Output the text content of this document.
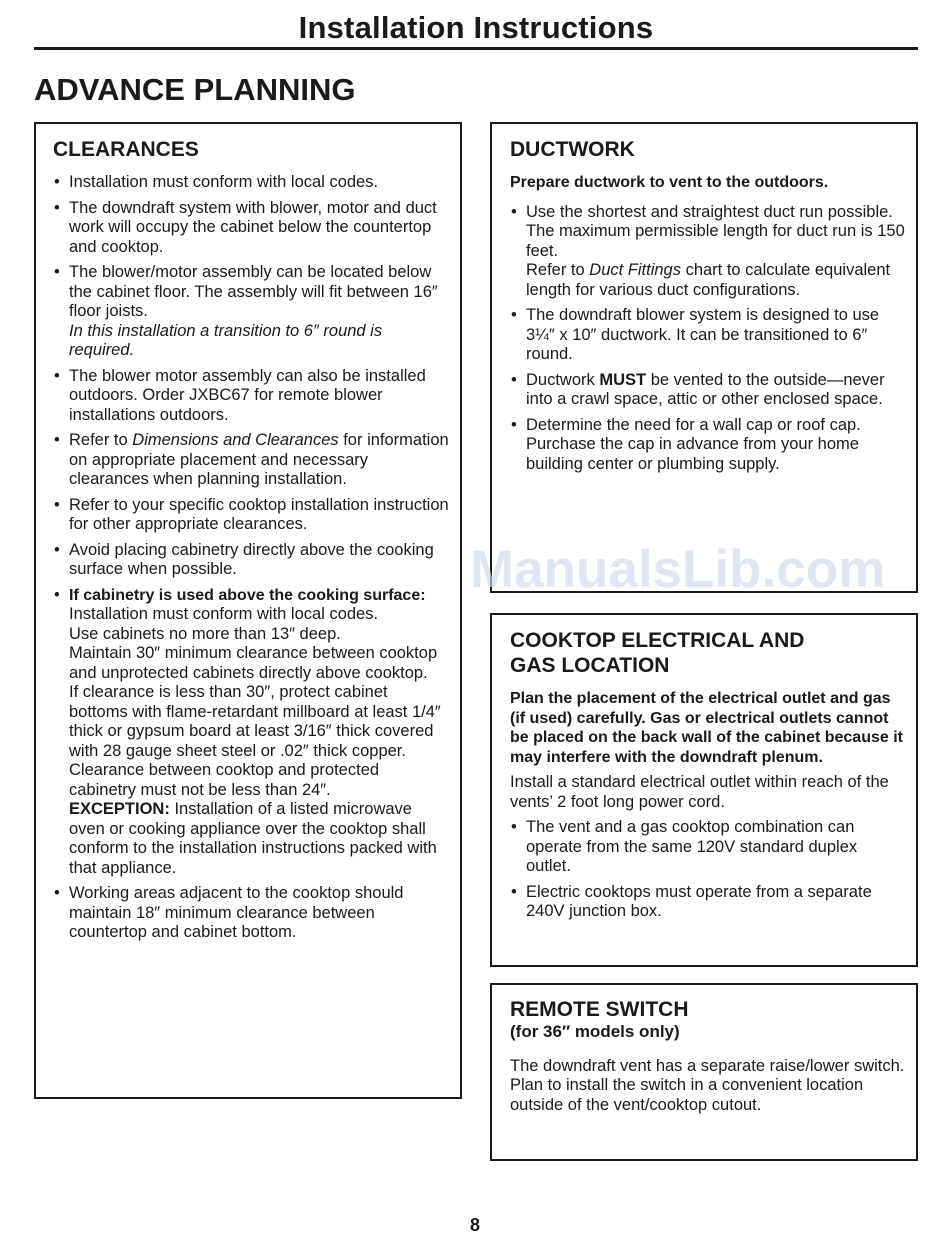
Installation Instructions
ADVANCE PLANNING
CLEARANCES
• Installation must conform with local codes.
• The downdraft system with blower, motor and duct work will occupy the cabinet below the countertop and cooktop.
• The blower/motor assembly can be located below the cabinet floor. The assembly will fit between 16″ floor joists.

In this installation a transition to 6″ round is required.

• The blower motor assembly can also be installed outdoors. Order JXBC67 for remote blower installations outdoors.
• Refer to Dimensions and Clearances for information on appropriate placement and necessary clearances when planning installation.
• Refer to your specific cooktop installation instruction for other appropriate clearances.
• Avoid placing cabinetry directly above the cooking surface when possible.
• If cabinetry is used above the cooking surface:

Installation must conform with local codes.

Use cabinets no more than 13″ deep.

Maintain 30″ minimum clearance between cooktop and unprotected cabinets directly above cooktop.

If clearance is less than 30″, protect cabinet bottoms with flame-retardant millboard at least 1/4″ thick or gypsum board at least 3/16″ thick covered with 28 gauge sheet steel or .02″ thick copper.

Clearance between cooktop and protected cabinetry must not be less than 24″.

EXCEPTION: Installation of a listed microwave oven or cooking appliance over the cooktop shall conform to the installation instructions packed with that appliance.

• Working areas adjacent to the cooktop should maintain 18″ minimum clearance between countertop and cabinet bottom.
DUCTWORK

Prepare ductwork to vent to the outdoors.

• Use the shortest and straightest duct run possible.

The maximum permissible length for duct run is 150 feet.

Refer to Duct Fittings chart to calculate equivalent length for various duct configurations.

• The downdraft blower system is designed to use 3¼″ x 10″ ductwork. It can be transitioned to 6″ round.
• Ductwork MUST be vented to the outside—never into a crawl space, attic or other enclosed space.
• Determine the need for a wall cap or roof cap. Purchase the cap in advance from your home building center or plumbing supply.
COOKTOP ELECTRICAL AND
GAS LOCATION

Plan the placement of the electrical outlet and gas (if used) carefully. Gas or electrical outlets cannot be placed on the back wall of the cabinet because it may interfere with the downdraft plenum.

Install a standard electrical outlet within reach of the vents’ 2 foot long power cord.

• The vent and a gas cooktop combination can operate from the same 120V standard duplex outlet.
• Electric cooktops must operate from a separate 240V junction box.
REMOTE SWITCH

(for 36″ models only)

The downdraft vent has a separate raise/lower switch. Plan to install the switch in a convenient location outside of the vent/cooktop cutout.

ManualsLib.com
8
